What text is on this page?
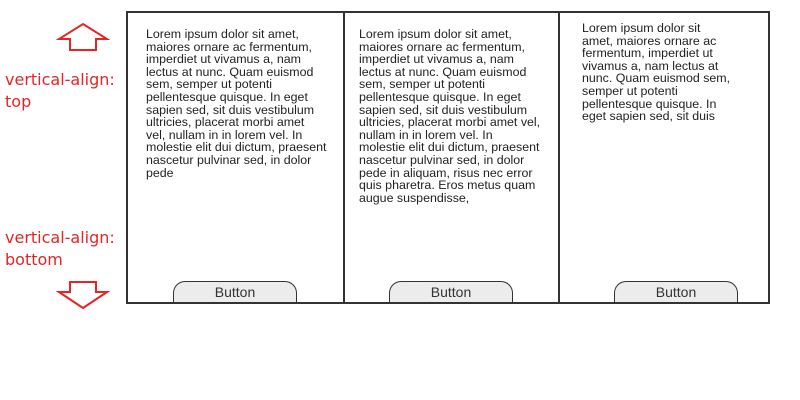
vertical-align:
top
vertical-align:
bottom
Lorem ipsum dolor sit amet, maiores ornare ac fermentum, imperdiet ut vivamus a, nam lectus at nunc. Quam euismod sem, semper ut potenti pellentesque quisque. In eget sapien sed, sit duis vestibulum ultricies, placerat morbi amet vel, nullam in in lorem vel. In molestie elit dui dictum, praesent nascetur pulvinar sed, in dolor pede
Button
Lorem ipsum dolor sit amet, maiores ornare ac fermentum, imperdiet ut vivamus a, nam lectus at nunc. Quam euismod sem, semper ut potenti pellentesque quisque. In eget sapien sed, sit duis vestibulum ultricies, placerat morbi amet vel, nullam in in lorem vel. In molestie elit dui dictum, praesent nascetur pulvinar sed, in dolor pede in aliquam, risus nec error quis pharetra. Eros metus quam augue suspendisse,
Button
Lorem ipsum dolor sit amet, maiores ornare ac fermentum, imperdiet ut vivamus a, nam lectus at nunc. Quam euismod sem, semper ut potenti pellentesque quisque. In eget sapien sed, sit duis
Button
